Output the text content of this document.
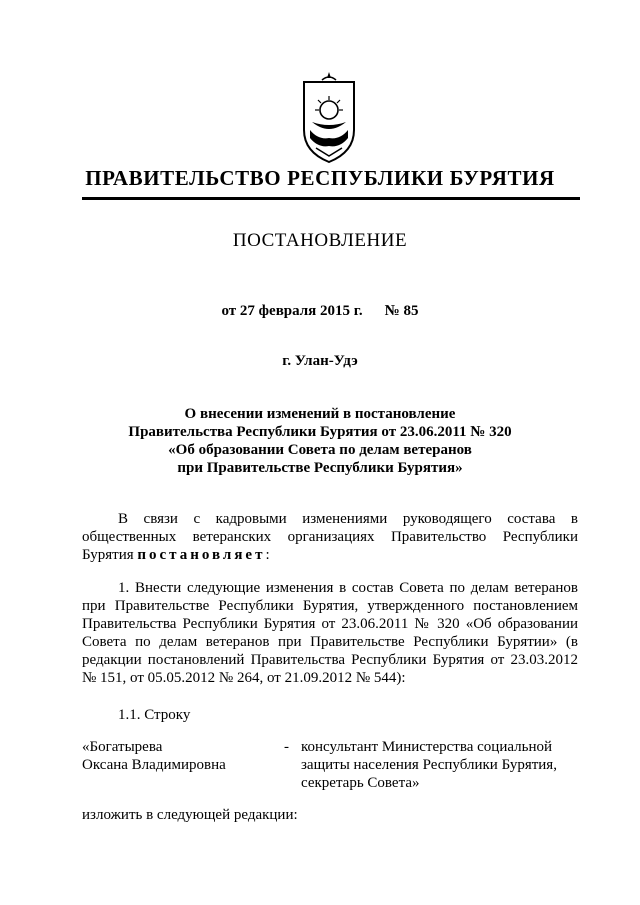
ПРАВИТЕЛЬСТВО РЕСПУБЛИКИ БУРЯТИЯ
ПОСТАНОВЛЕНИЕ
от 27 февраля 2015 г. № 85
г. Улан-Удэ
О внесении изменений в постановление
Правительства Республики Бурятия от 23.06.2011 № 320
«Об образовании Совета по делам ветеранов
при Правительстве Республики Бурятия»
В связи с кадровыми изменениями руководящего состава в общественных ветеранских организациях Правительство Республики Бурятия постановляет:
1. Внести следующие изменения в состав Совета по делам ветеранов при Правительстве Республики Бурятия, утвержденного постановлением Правительства Республики Бурятия от 23.06.2011 № 320 «Об образовании Совета по делам ветеранов при Правительстве Республики Бурятии» (в редакции постановлений Правительства Республики Бурятия от 23.03.2012 № 151, от 05.05.2012 № 264, от 21.09.2012 № 544):
1.1. Строку
«Богатырева
Оксана Владимировна
- консультант Министерства социальной
защиты населения Республики Бурятия,
секретарь Совета»
изложить в следующей редакции:
